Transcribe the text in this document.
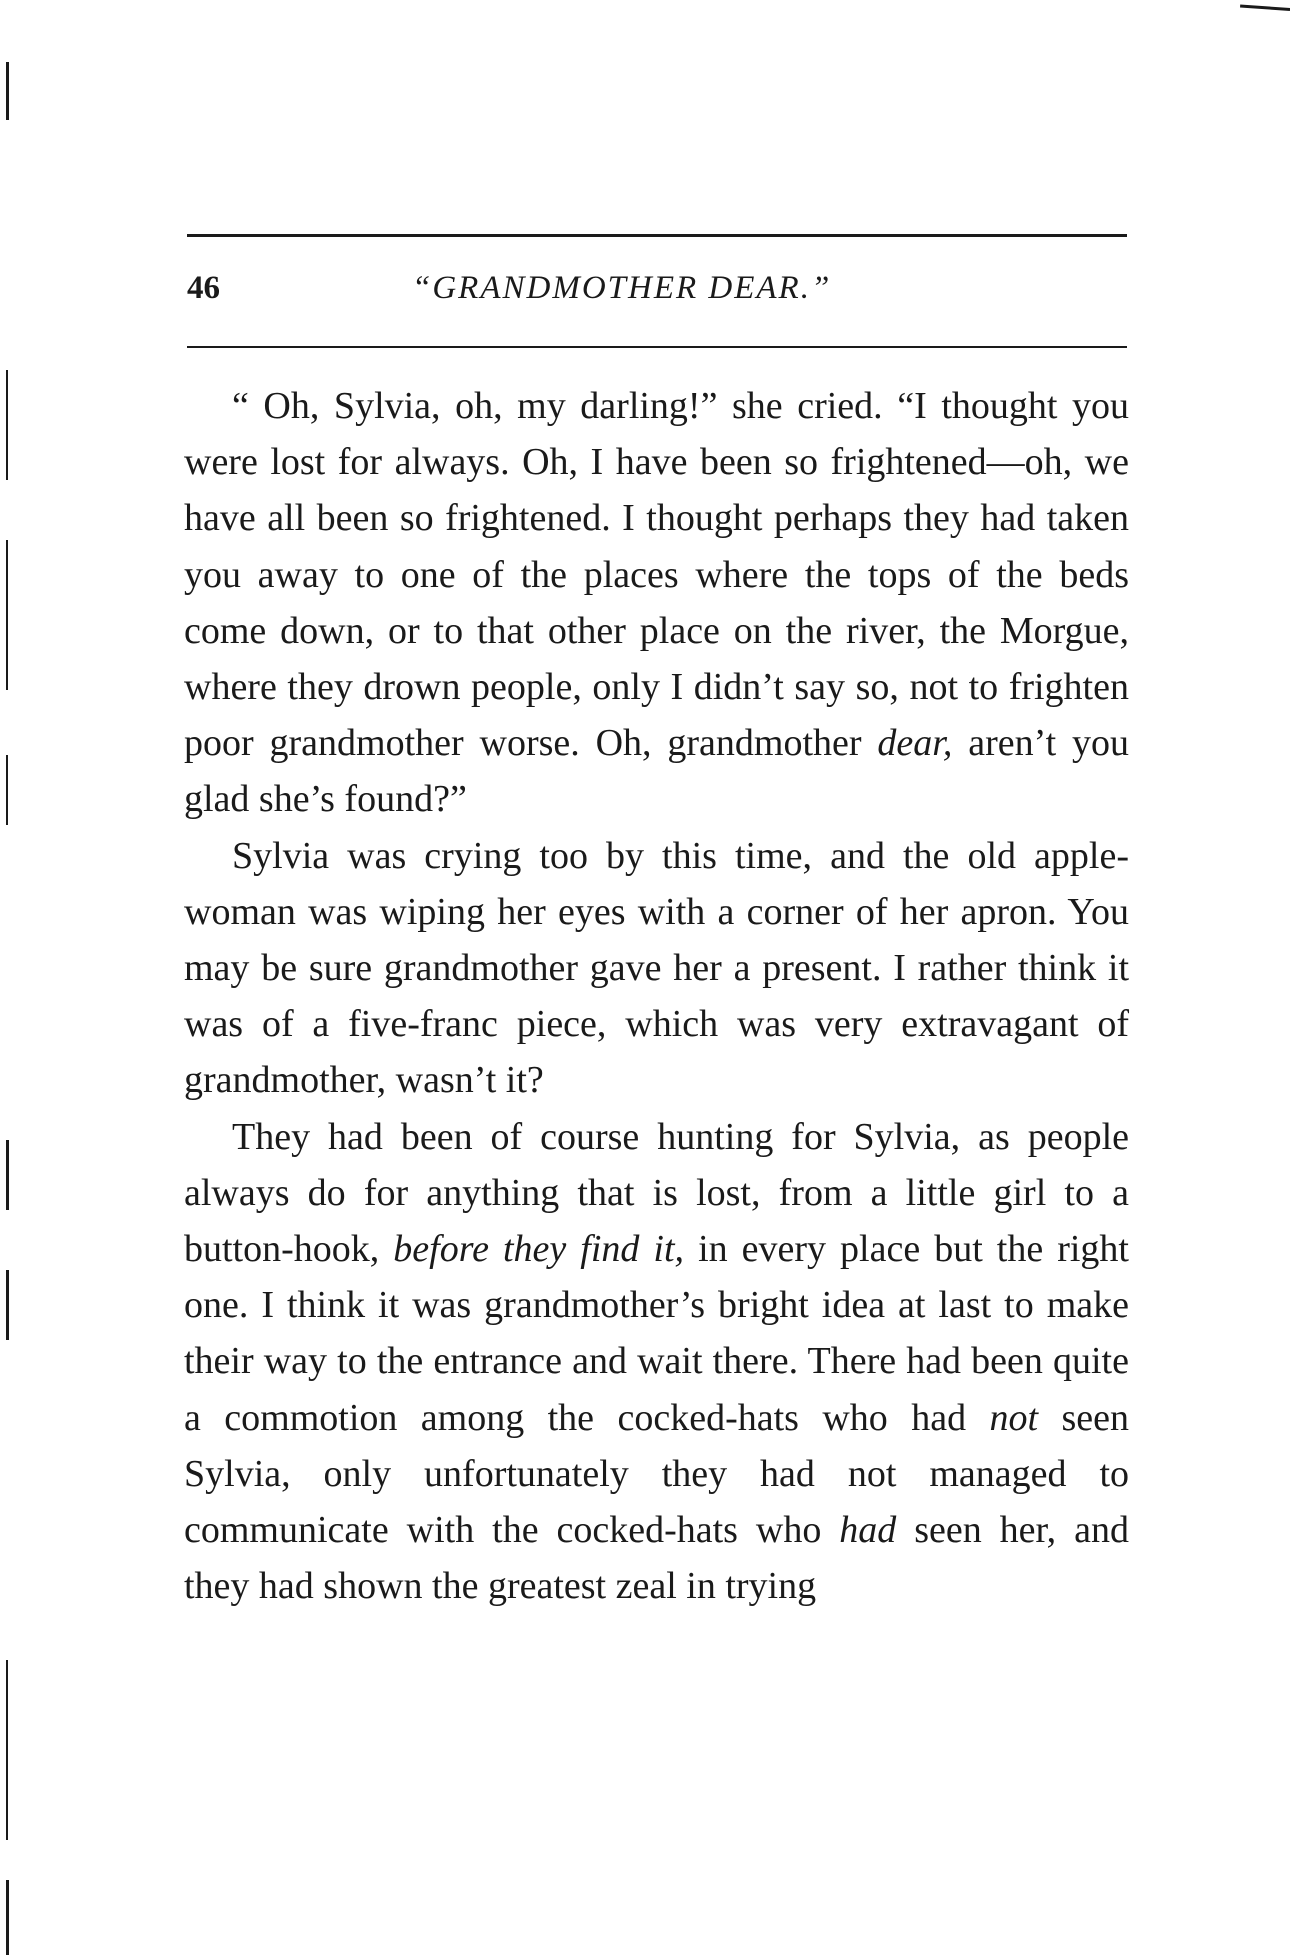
46	“GRANDMOTHER DEAR.”

“ Oh, Sylvia, oh, my darling!” she cried. “I thought you were lost for always. Oh, I have been so frightened—oh, we have all been so frightened. I thought perhaps they had taken you away to one of the places where the tops of the beds come down, or to that other place on the river, the Morgue, where they drown people, only I didn’t say so, not to frighten poor grandmother worse. Oh, grandmother dear, aren’t you glad she’s found?”

Sylvia was crying too by this time, and the old apple-woman was wiping her eyes with a corner of her apron. You may be sure grandmother gave her a present. I rather think it was of a five-franc piece, which was very extravagant of grandmother, wasn’t it?

They had been of course hunting for Sylvia, as people always do for anything that is lost, from a little girl to a button-hook, before they find it, in every place but the right one. I think it was grandmother’s bright idea at last to make their way to the entrance and wait there. There had been quite a commotion among the cocked-hats who had not seen Sylvia, only unfortunately they had not managed to communicate with the cocked-hats who had seen her, and they had shown the greatest zeal in trying
